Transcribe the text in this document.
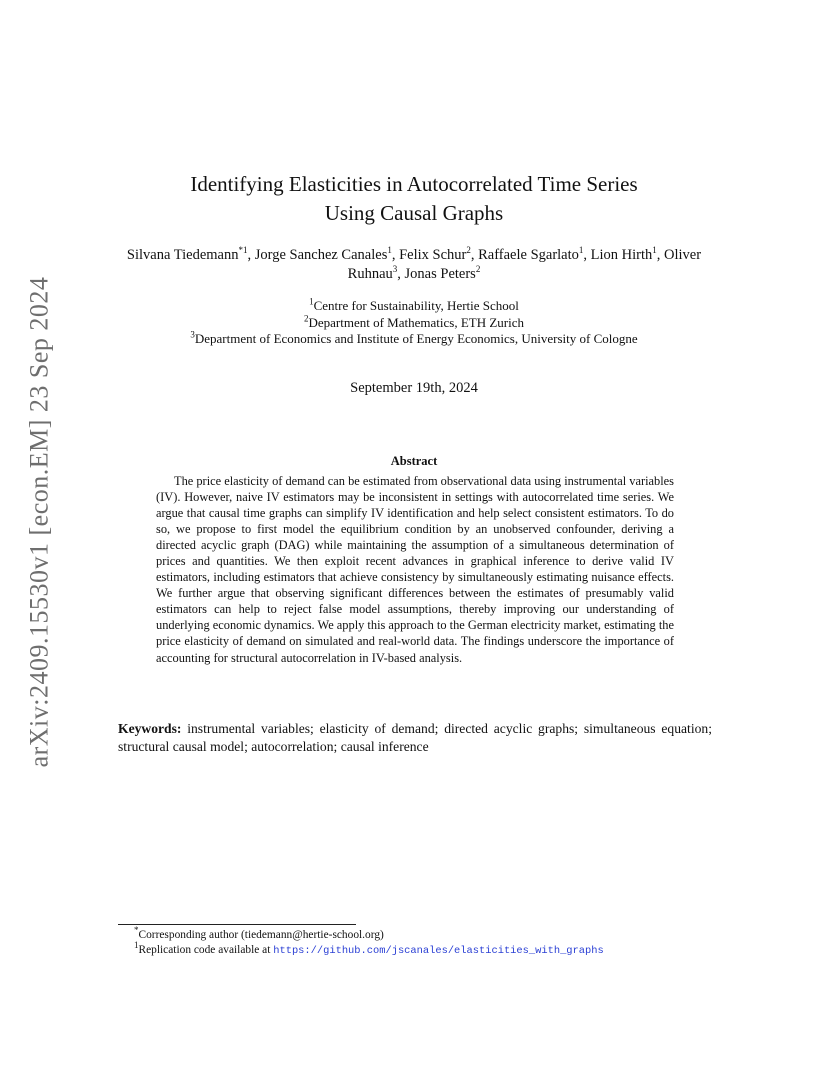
arXiv:2409.15530v1 [econ.EM] 23 Sep 2024
Identifying Elasticities in Autocorrelated Time Series
Using Causal Graphs
Silvana Tiedemann$^{*1}$, Jorge Sanchez Canales$^1$, Felix Schur$^2$, Raffaele Sgarlato$^1$, Lion Hirth$^1$, Oliver Ruhnau$^3$, Jonas Peters$^2$
$^1$Centre for Sustainability, Hertie School
$^2$Department of Mathematics, ETH Zurich
$^3$Department of Economics and Institute of Energy Economics, University of Cologne
September 19th, 2024
Abstract

The price elasticity of demand can be estimated from observational data using instrumental variables (IV). However, naive IV estimators may be inconsistent in settings with autocorrelated time series. We argue that causal time graphs can simplify IV identification and help select consistent estimators. To do so, we propose to first model the equilibrium condition by an unobserved confounder, deriving a directed acyclic graph (DAG) while maintaining the assumption of a simultaneous determination of prices and quantities. We then exploit recent advances in graphical inference to derive valid IV estimators, including estimators that achieve consistency by simultaneously estimating nuisance effects. We further argue that observing significant differences between the estimates of presumably valid estimators can help to reject false model assumptions, thereby improving our understanding of underlying economic dynamics. We apply this approach to the German electricity market, estimating the price elasticity of demand on simulated and real-world data. The findings underscore the importance of accounting for structural autocorrelation in IV-based analysis.

Keywords: instrumental variables; elasticity of demand; directed acyclic graphs; simultaneous equation; structural causal model; autocorrelation; causal inference

*Corresponding author (tiedemann@hertie-school.org)
$^1$Replication code available at https://github.com/jscanales/elasticities_with_graphs
